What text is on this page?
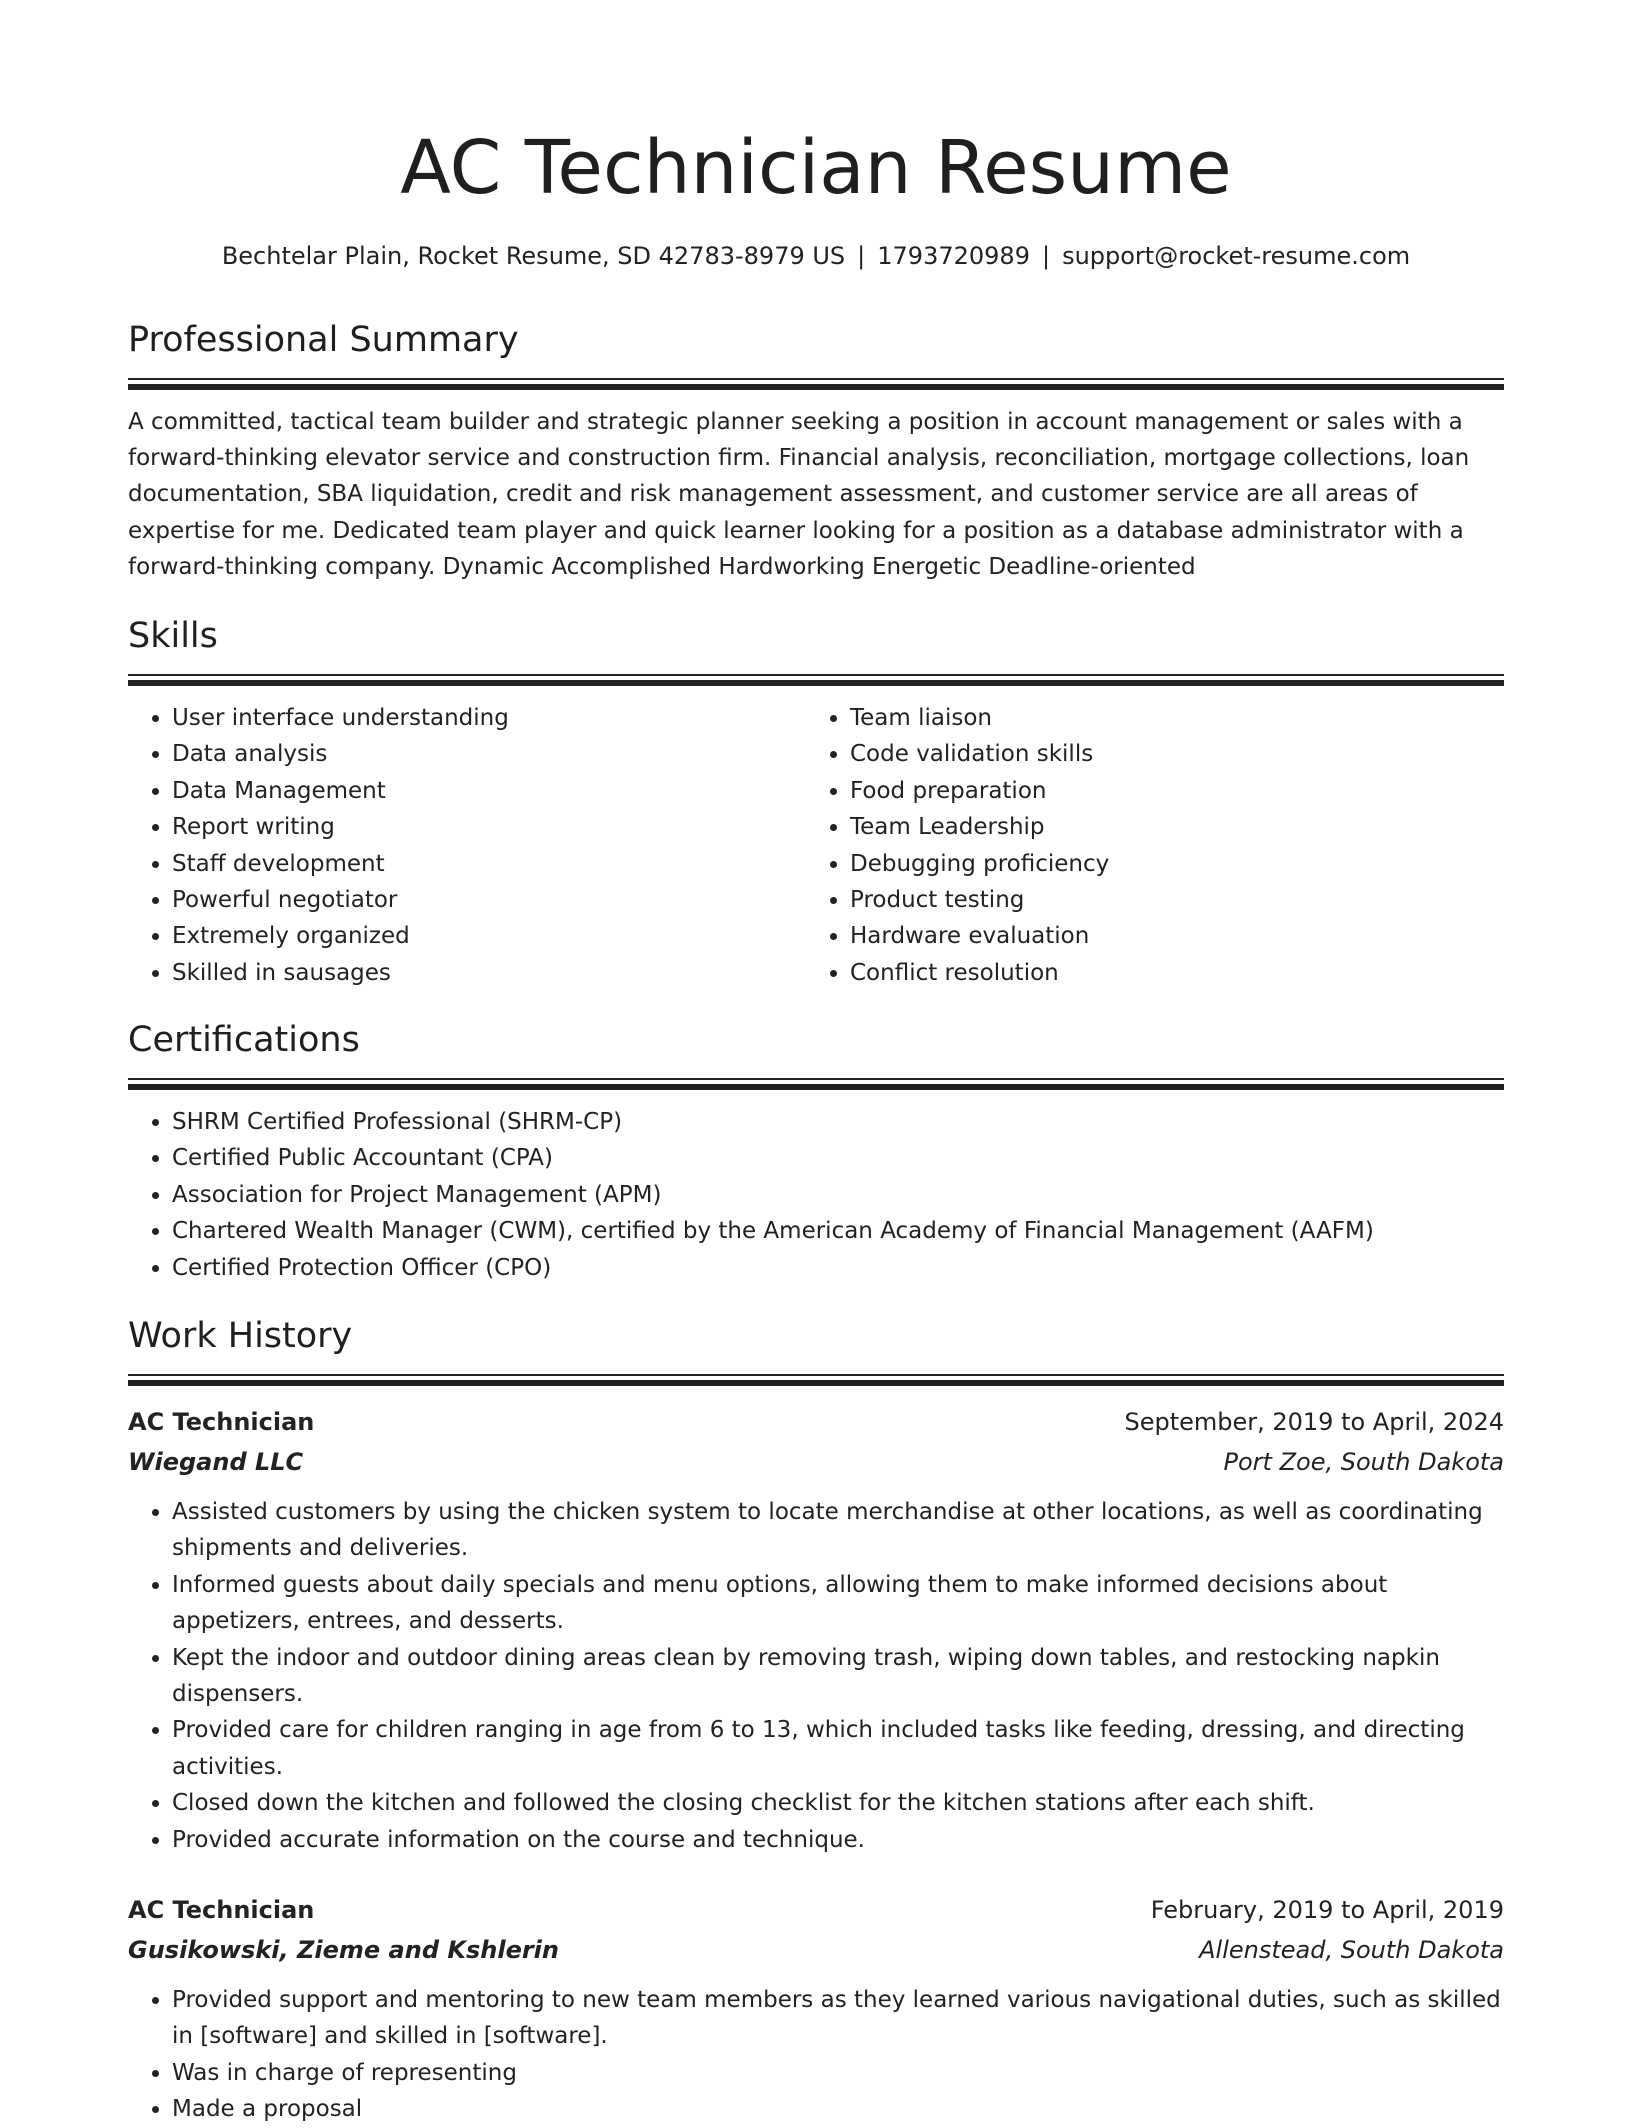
AC Technician Resume
Bechtelar Plain, Rocket Resume, SD 42783-8979 US | 1793720989 | support@rocket-resume.com
Professional Summary

A committed, tactical team builder and strategic planner seeking a position in account management or sales with a forward-thinking elevator service and construction firm. Financial analysis, reconciliation, mortgage collections, loan documentation, SBA liquidation, credit and risk management assessment, and customer service are all areas of expertise for me. Dedicated team player and quick learner looking for a position as a database administrator with a forward-thinking company. Dynamic Accomplished Hardworking Energetic Deadline-oriented

Skills
• User interface understanding
• Data analysis
• Data Management
• Report writing
• Staff development
• Powerful negotiator
• Extremely organized
• Skilled in sausages
• Team liaison
• Code validation skills
• Food preparation
• Team Leadership
• Debugging proficiency
• Product testing
• Hardware evaluation
• Conflict resolution
Certifications
• SHRM Certified Professional (SHRM-CP)
• Certified Public Accountant (CPA)
• Association for Project Management (APM)
• Chartered Wealth Manager (CWM), certified by the American Academy of Financial Management (AAFM)
• Certified Protection Officer (CPO)
Work History
AC Technician	September, 2019 to April, 2024
Wiegand LLC	Port Zoe, South Dakota
• Assisted customers by using the chicken system to locate merchandise at other locations, as well as coordinating shipments and deliveries.
• Informed guests about daily specials and menu options, allowing them to make informed decisions about appetizers, entrees, and desserts.
• Kept the indoor and outdoor dining areas clean by removing trash, wiping down tables, and restocking napkin dispensers.
• Provided care for children ranging in age from 6 to 13, which included tasks like feeding, dressing, and directing activities.
• Closed down the kitchen and followed the closing checklist for the kitchen stations after each shift.
• Provided accurate information on the course and technique.
AC Technician	February, 2019 to April, 2019
Gusikowski, Zieme and Kshlerin	Allenstead, South Dakota
• Provided support and mentoring to new team members as they learned various navigational duties, such as skilled in [software] and skilled in [software].
• Was in charge of representing
• Made a proposal
